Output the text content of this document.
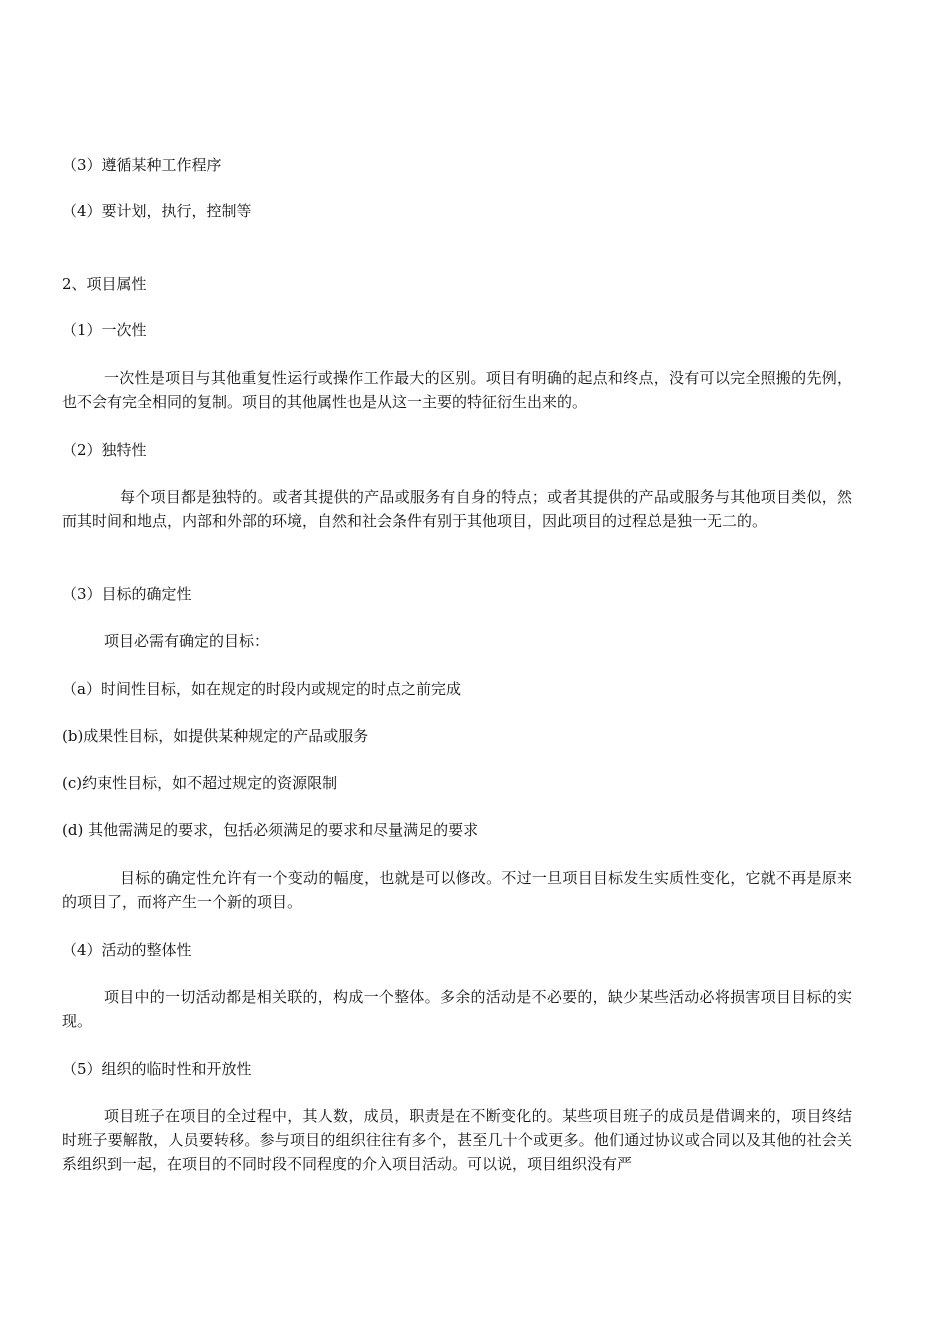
（3）遵循某种工作程序
（4）要计划，执行，控制等
2、项目属性
（1）一次性
一次性是项目与其他重复性运行或操作工作最大的区别。项目有明确的起点和终点，没有可以完全照搬的先例，也不会有完全相同的复制。项目的其他属性也是从这一主要的特征衍生出来的。
（2）独特性
每个项目都是独特的。或者其提供的产品或服务有自身的特点；或者其提供的产品或服务与其他项目类似，然而其时间和地点，内部和外部的环境，自然和社会条件有别于其他项目，因此项目的过程总是独一无二的。
（3）目标的确定性
项目必需有确定的目标：
（a）时间性目标，如在规定的时段内或规定的时点之前完成
(b)成果性目标，如提供某种规定的产品或服务
(c)约束性目标，如不超过规定的资源限制
(d) 其他需满足的要求，包括必须满足的要求和尽量满足的要求
目标的确定性允许有一个变动的幅度，也就是可以修改。不过一旦项目目标发生实质性变化，它就不再是原来的项目了，而将产生一个新的项目。
（4）活动的整体性
项目中的一切活动都是相关联的，构成一个整体。多余的活动是不必要的，缺少某些活动必将损害项目目标的实现。
（5）组织的临时性和开放性
项目班子在项目的全过程中，其人数，成员，职责是在不断变化的。某些项目班子的成员是借调来的，项目终结时班子要解散，人员要转移。参与项目的组织往往有多个，甚至几十个或更多。他们通过协议或合同以及其他的社会关系组织到一起，在项目的不同时段不同程度的介入项目活动。可以说，项目组织没有严
